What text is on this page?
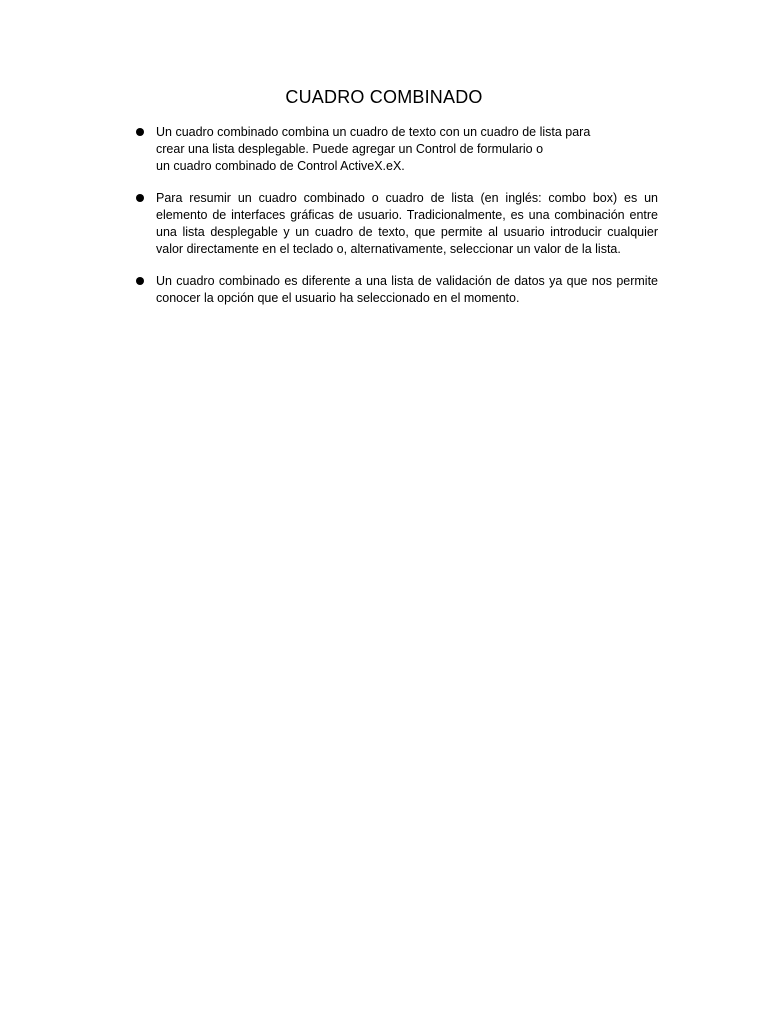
CUADRO COMBINADO
Un cuadro combinado combina un cuadro de texto con un cuadro de lista para
crear una lista desplegable. Puede agregar un Control de formulario o
un cuadro combinado de Control ActiveX.eX.
Para resumir un cuadro combinado o cuadro de lista (en inglés: combo box) es un elemento de interfaces gráficas de usuario. Tradicionalmente, es una combinación entre una lista desplegable y un cuadro de texto, que permite al usuario introducir cualquier valor directamente en el teclado o, alternativamente, seleccionar un valor de la lista.
Un cuadro combinado es diferente a una lista de validación de datos ya que nos permite conocer la opción que el usuario ha seleccionado en el momento.
